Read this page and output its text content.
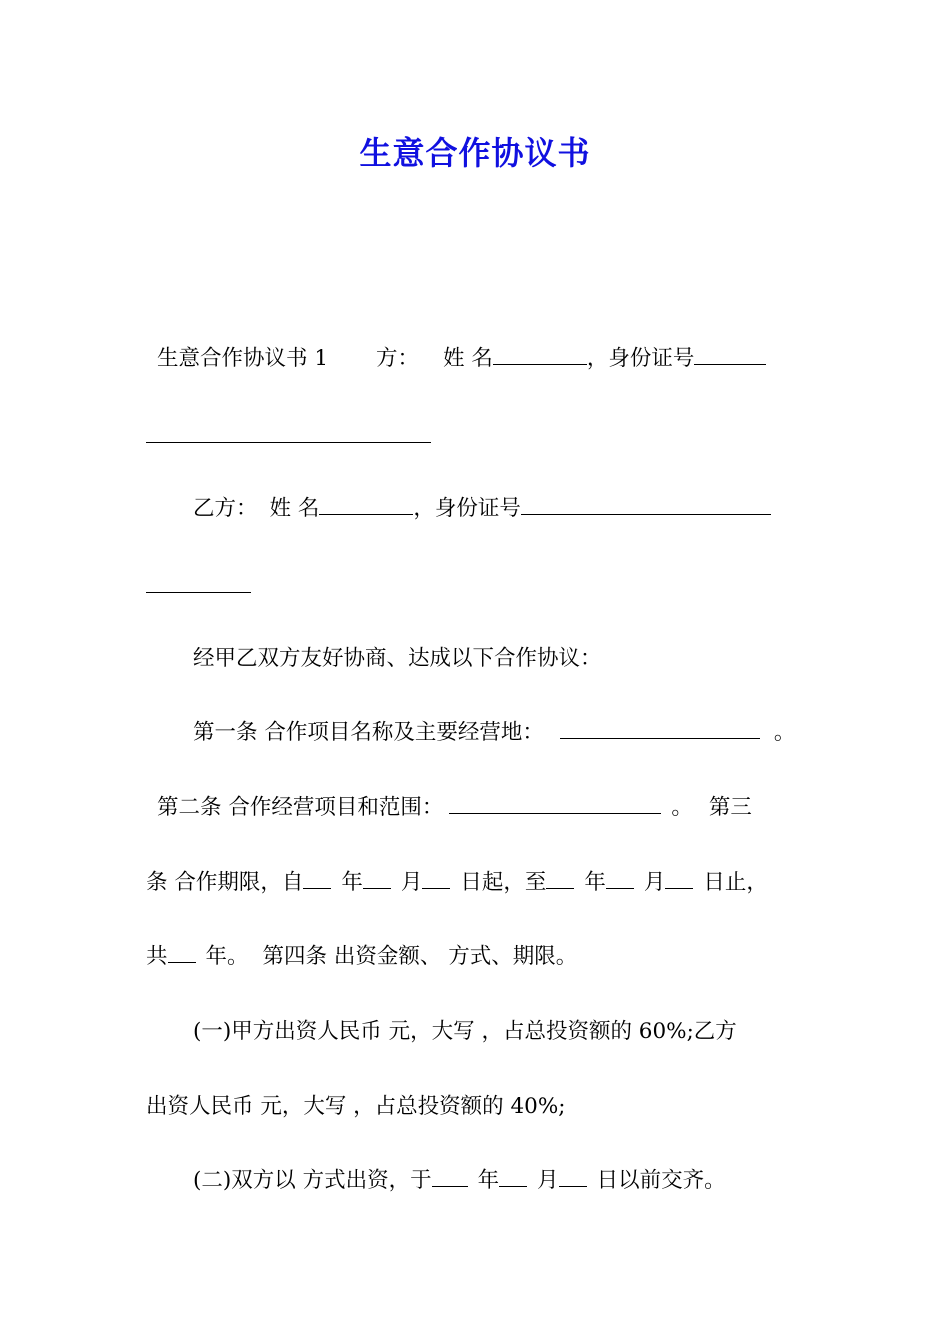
生意合作协议书
生意合作协议书 1 方： 姓 名	，身份证号
乙方： 姓 名	，身份证号
经甲乙双方友好协商、达成以下合作协议：
第一条 合作项目名称及主要经营地：	。
第二条 合作经营项目和范围：	。 第三
条 合作期限，自 年 月 日起，至 年 月 日止，
共 年。 第四条 出资金额、 方式、期限。
(一)甲方出资人民币 元，大写 ，占总投资额的 60%;乙方
出资人民币 元，大写 ，占总投资额的 40%;
(二)双方以 方式出资，于 年 月 日以前交齐。
